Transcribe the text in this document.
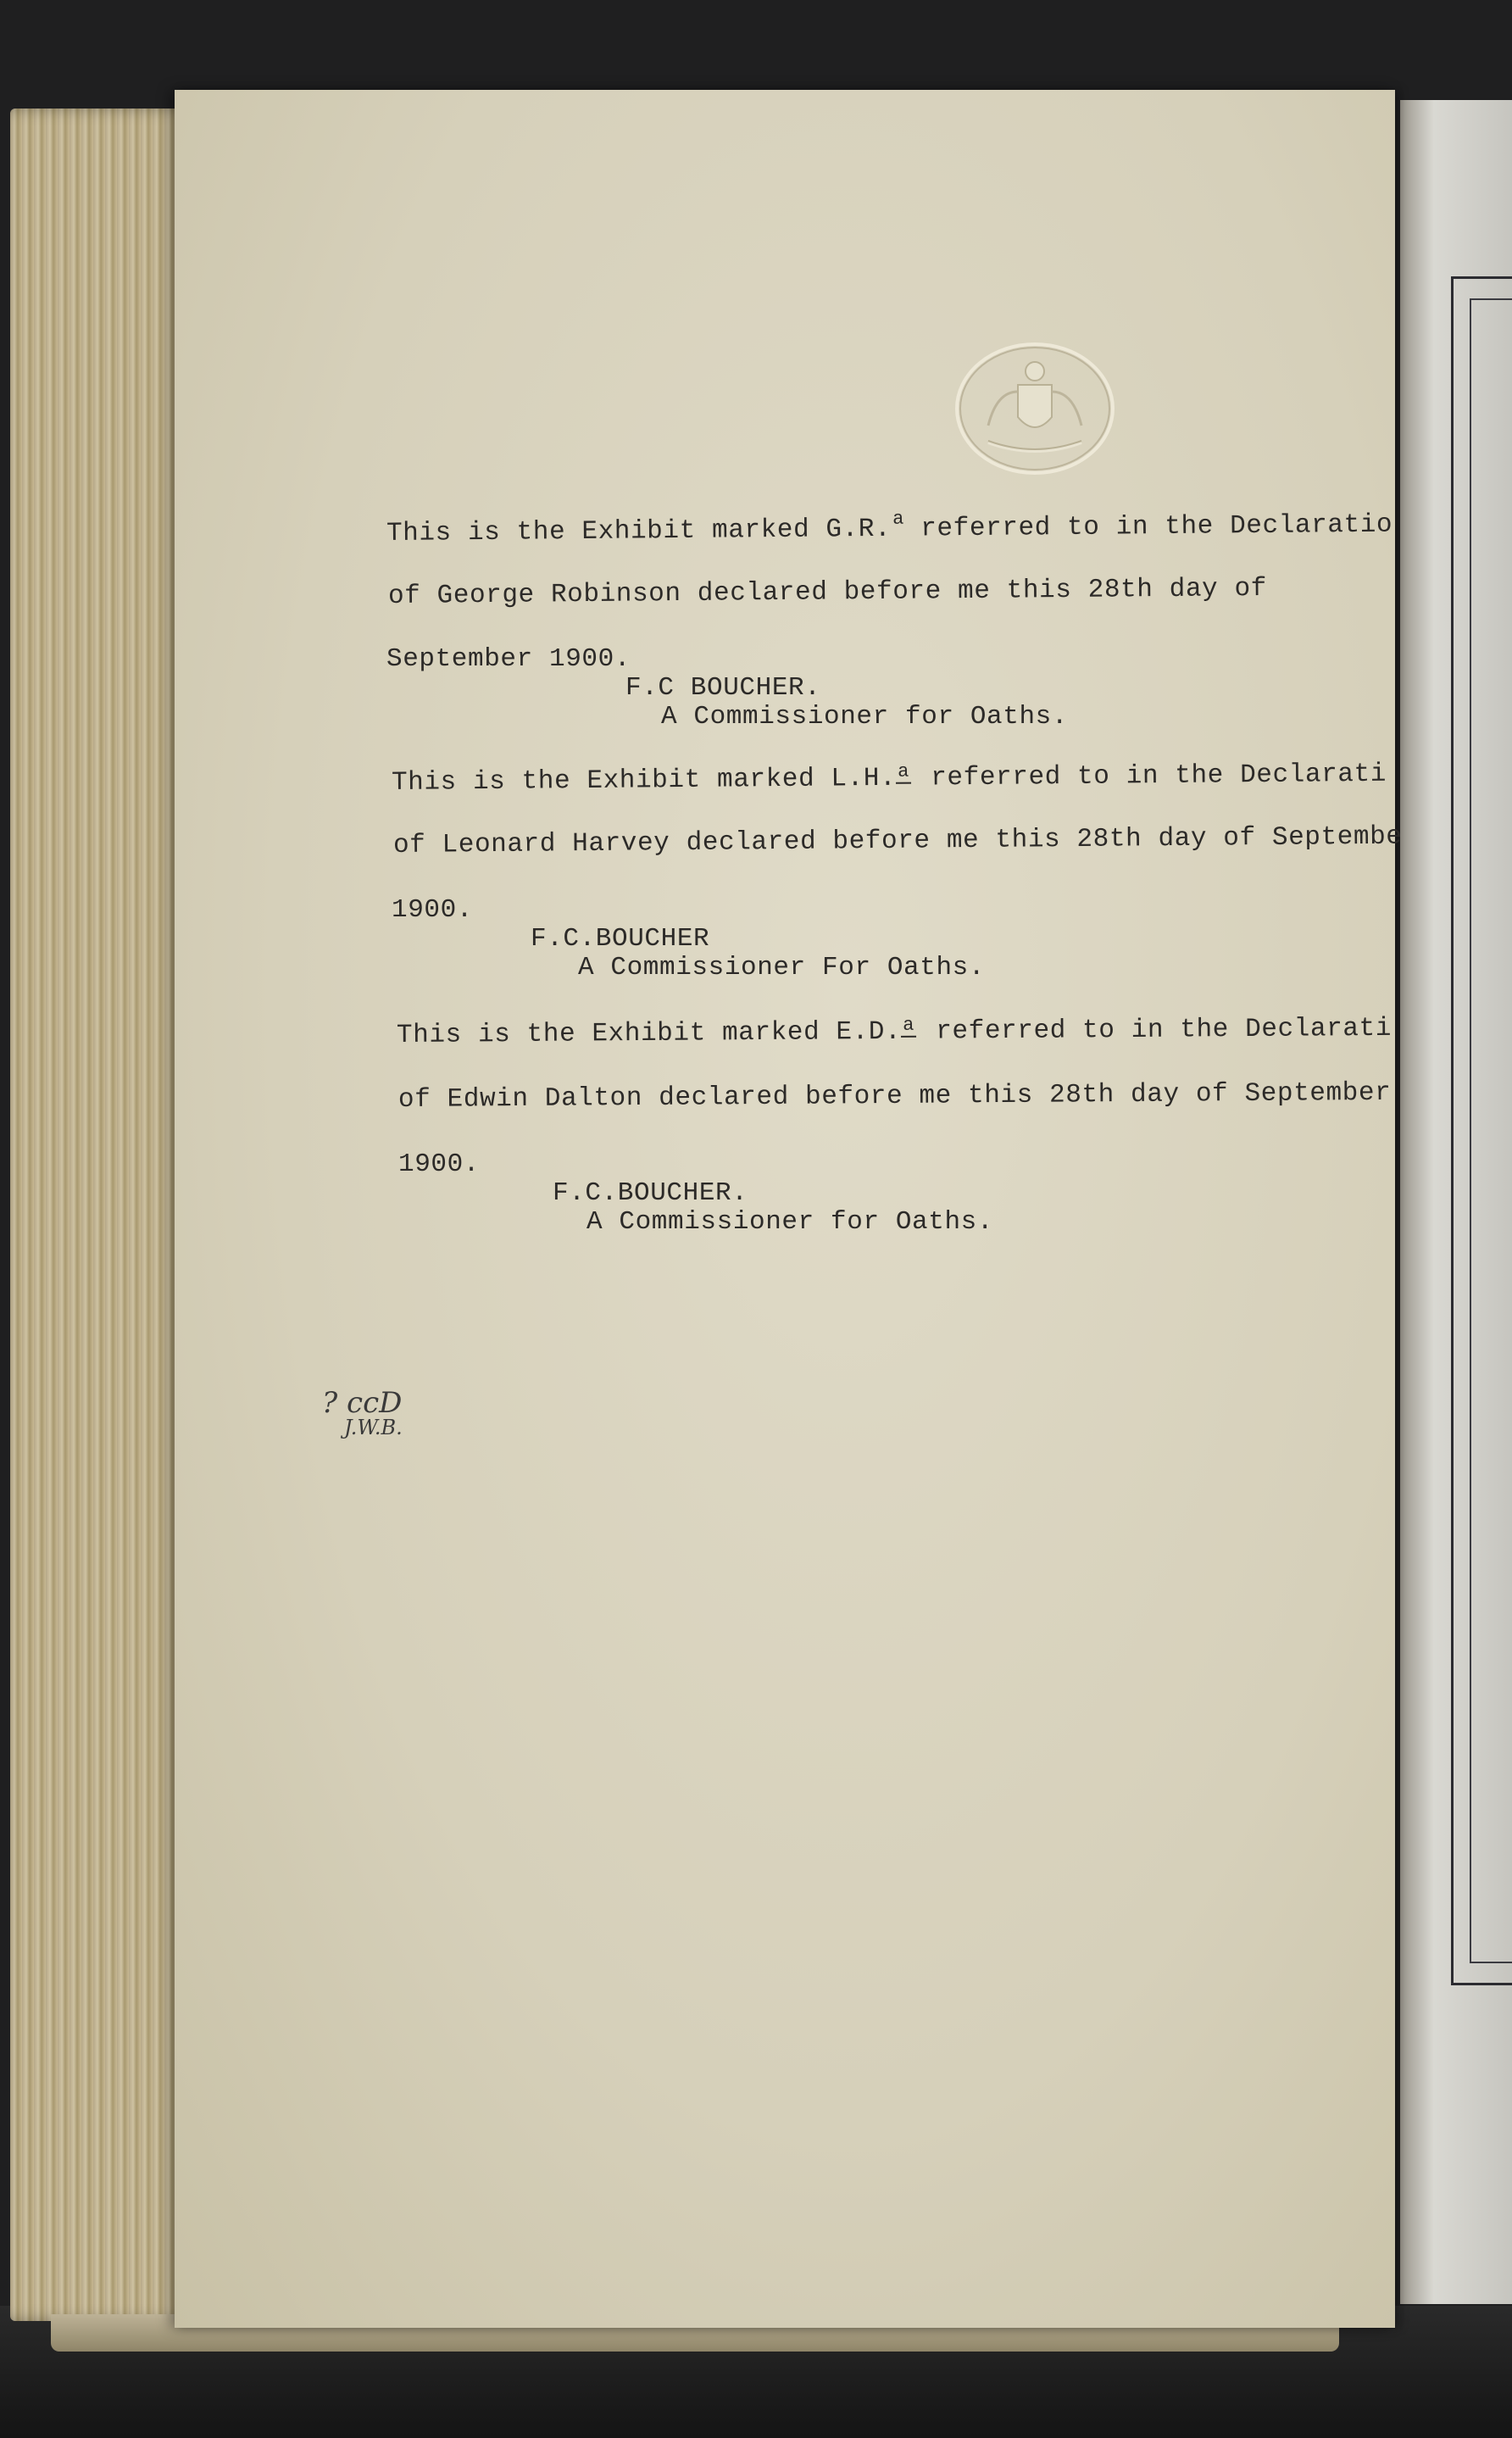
This is the Exhibit marked G.R.$^a$ referred to in the Declaratio

of George Robinson declared before me this 28th day of

September 1900.

F.C BOUCHER.

A Commissioner for Oaths.

This is the Exhibit marked L.H.$^a$ referred to in the Declarati

of Leonard Harvey declared before me this 28th day of Septembe

1900.

F.C.BOUCHER

A Commissioner For Oaths.

This is the Exhibit marked E.D.$^a$ referred to in the Declarati

of Edwin Dalton declared before me this 28th day of September

1900.

F.C.BOUCHER.

A Commissioner for Oaths.

? ccD
J.W.B.
